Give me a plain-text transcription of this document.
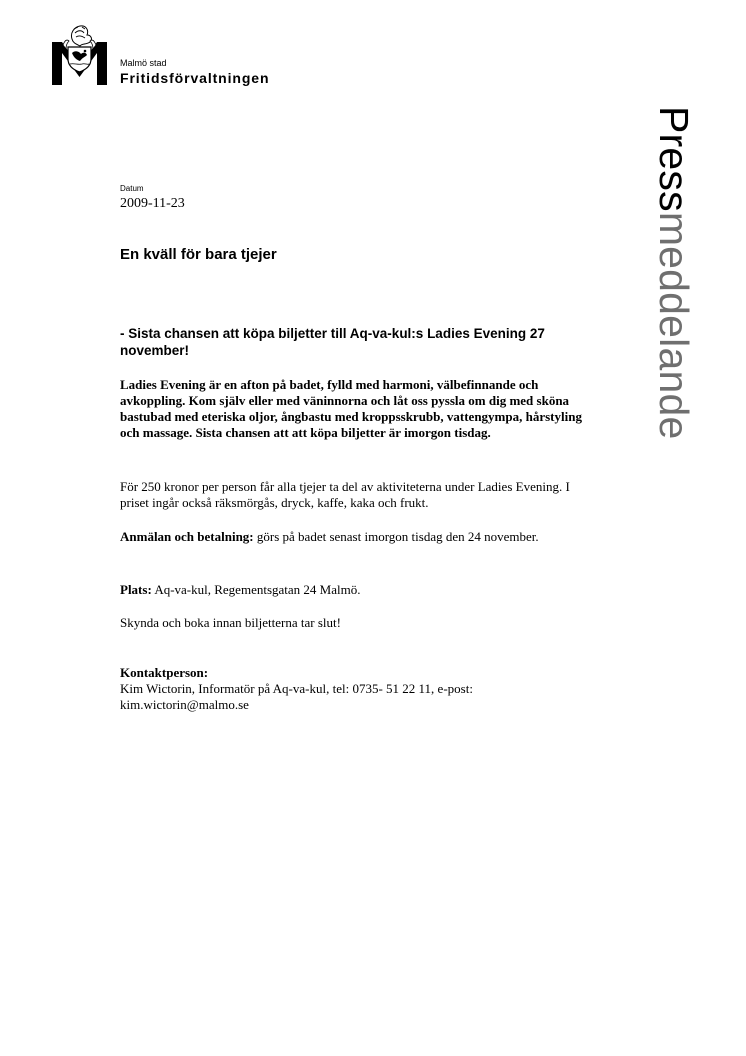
Malmö stad
Fritidsförvaltningen
Pressmeddelande
Datum
2009-11-23
En kväll för bara tjejer
- Sista chansen att köpa biljetter till Aq-va-kul:s Ladies Evening 27 november!
Ladies Evening är en afton på badet, fylld med harmoni, välbefinnande och avkoppling. Kom själv eller med väninnorna och låt oss pyssla om dig med sköna bastubad med eteriska oljor, ångbastu med kroppsskrubb, vattengympa, hårstyling och massage. Sista chansen att att köpa biljetter är imorgon tisdag.
För 250 kronor per person får alla tjejer ta del av aktiviteterna under Ladies Evening. I priset ingår också räksmörgås, dryck, kaffe, kaka och frukt.
Anmälan och betalning: görs på badet senast imorgon tisdag den 24 november.
Plats: Aq-va-kul, Regementsgatan 24 Malmö.
Skynda och boka innan biljetterna tar slut!
Kontaktperson:
Kim Wictorin, Informatör på Aq-va-kul, tel: 0735- 51 22 11, e-post:
kim.wictorin@malmo.se
